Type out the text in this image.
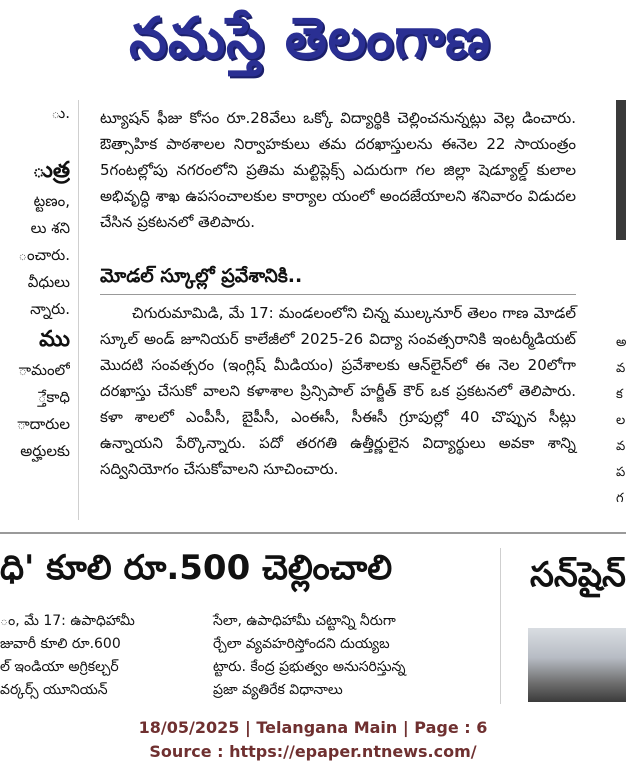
నమస్తే తెలంగాణ
ు.

ుత్ర
ట్టణం,
లు శని
ంచారు.
వీధులు
న్నారు.
ము
ామంలో
్తేకాధి
ాదారుల
అర్హులకు

ట్యూషన్ ఫీజు కోసం రూ.28వేలు ఒక్కో విద్యార్థికి చెల్లించనున్నట్లు వెల్ల డించారు. ఔత్సాహిక పాఠశాలల నిర్వాహకులు తమ దరఖాస్తులను ఈనెల 22 సాయంత్రం 5గంటల్లోపు నగరంలోని ప్రతిమ మల్టిప్లెక్స్ ఎదురుగా గల జిల్లా షెడ్యూల్డ్ కులాల అభివృద్ధి శాఖ ఉపసంచాలకుల కార్యాల యంలో అందజేయాలని శనివారం విడుదల చేసిన ప్రకటనలో తెలిపారు.

మోడల్ స్కూల్లో ప్రవేశానికి..

చిగురుమామిడి, మే 17: మండలంలోని చిన్న ముల్కనూర్ తెలం గాణ మోడల్ స్కూల్ అండ్ జూనియర్ కాలేజీలో 2025-26 విద్యా సంవత్సరానికి ఇంటర్మీడియట్ మొదటి సంవత్సరం (ఇంగ్లిష్ మీడియం) ప్రవేశాలకు ఆన్‌లైన్‌లో ఈ నెల 20లోగా దరఖాస్తు చేసుకో వాలని కళాశాల ప్రిన్సిపాల్ హర్జీత్ కౌర్ ఒక ప్రకటనలో తెలిపారు. కళా శాలలో ఎంపీసీ, బైపీసీ, ఎంఈసీ, సీఈసీ గ్రూపుల్లో 40 చొప్పున సీట్లు ఉన్నాయని పేర్కొన్నారు. పదో తరగతి ఉత్తీర్ణులైన విద్యార్థులు అవకా శాన్ని సద్వినియోగం చేసుకోవాలని సూచించారు.

అ
వ
క
ల
వ
ప
గ
ధి' కూలి రూ.500 చెల్లించాలి
ం, మే 17: ఉపాధిహామీ
జువారీ కూలి రూ.600
ల్ ఇండియా అగ్రికల్చర్
వర్కర్స్ యూనియన్
సేలా, ఉపాధిహామీ చట్టాన్ని నీరుగా
ర్చేలా వ్యవహరిస్తోందని దుయ్యబ
ట్టారు. కేంద్ర ప్రభుత్వం అనుసరిస్తున్న
ప్రజా వ్యతిరేక విధానాలు
సన్‌షైన్
18/05/2025 | Telangana Main | Page : 6
Source : https://epaper.ntnews.com/
